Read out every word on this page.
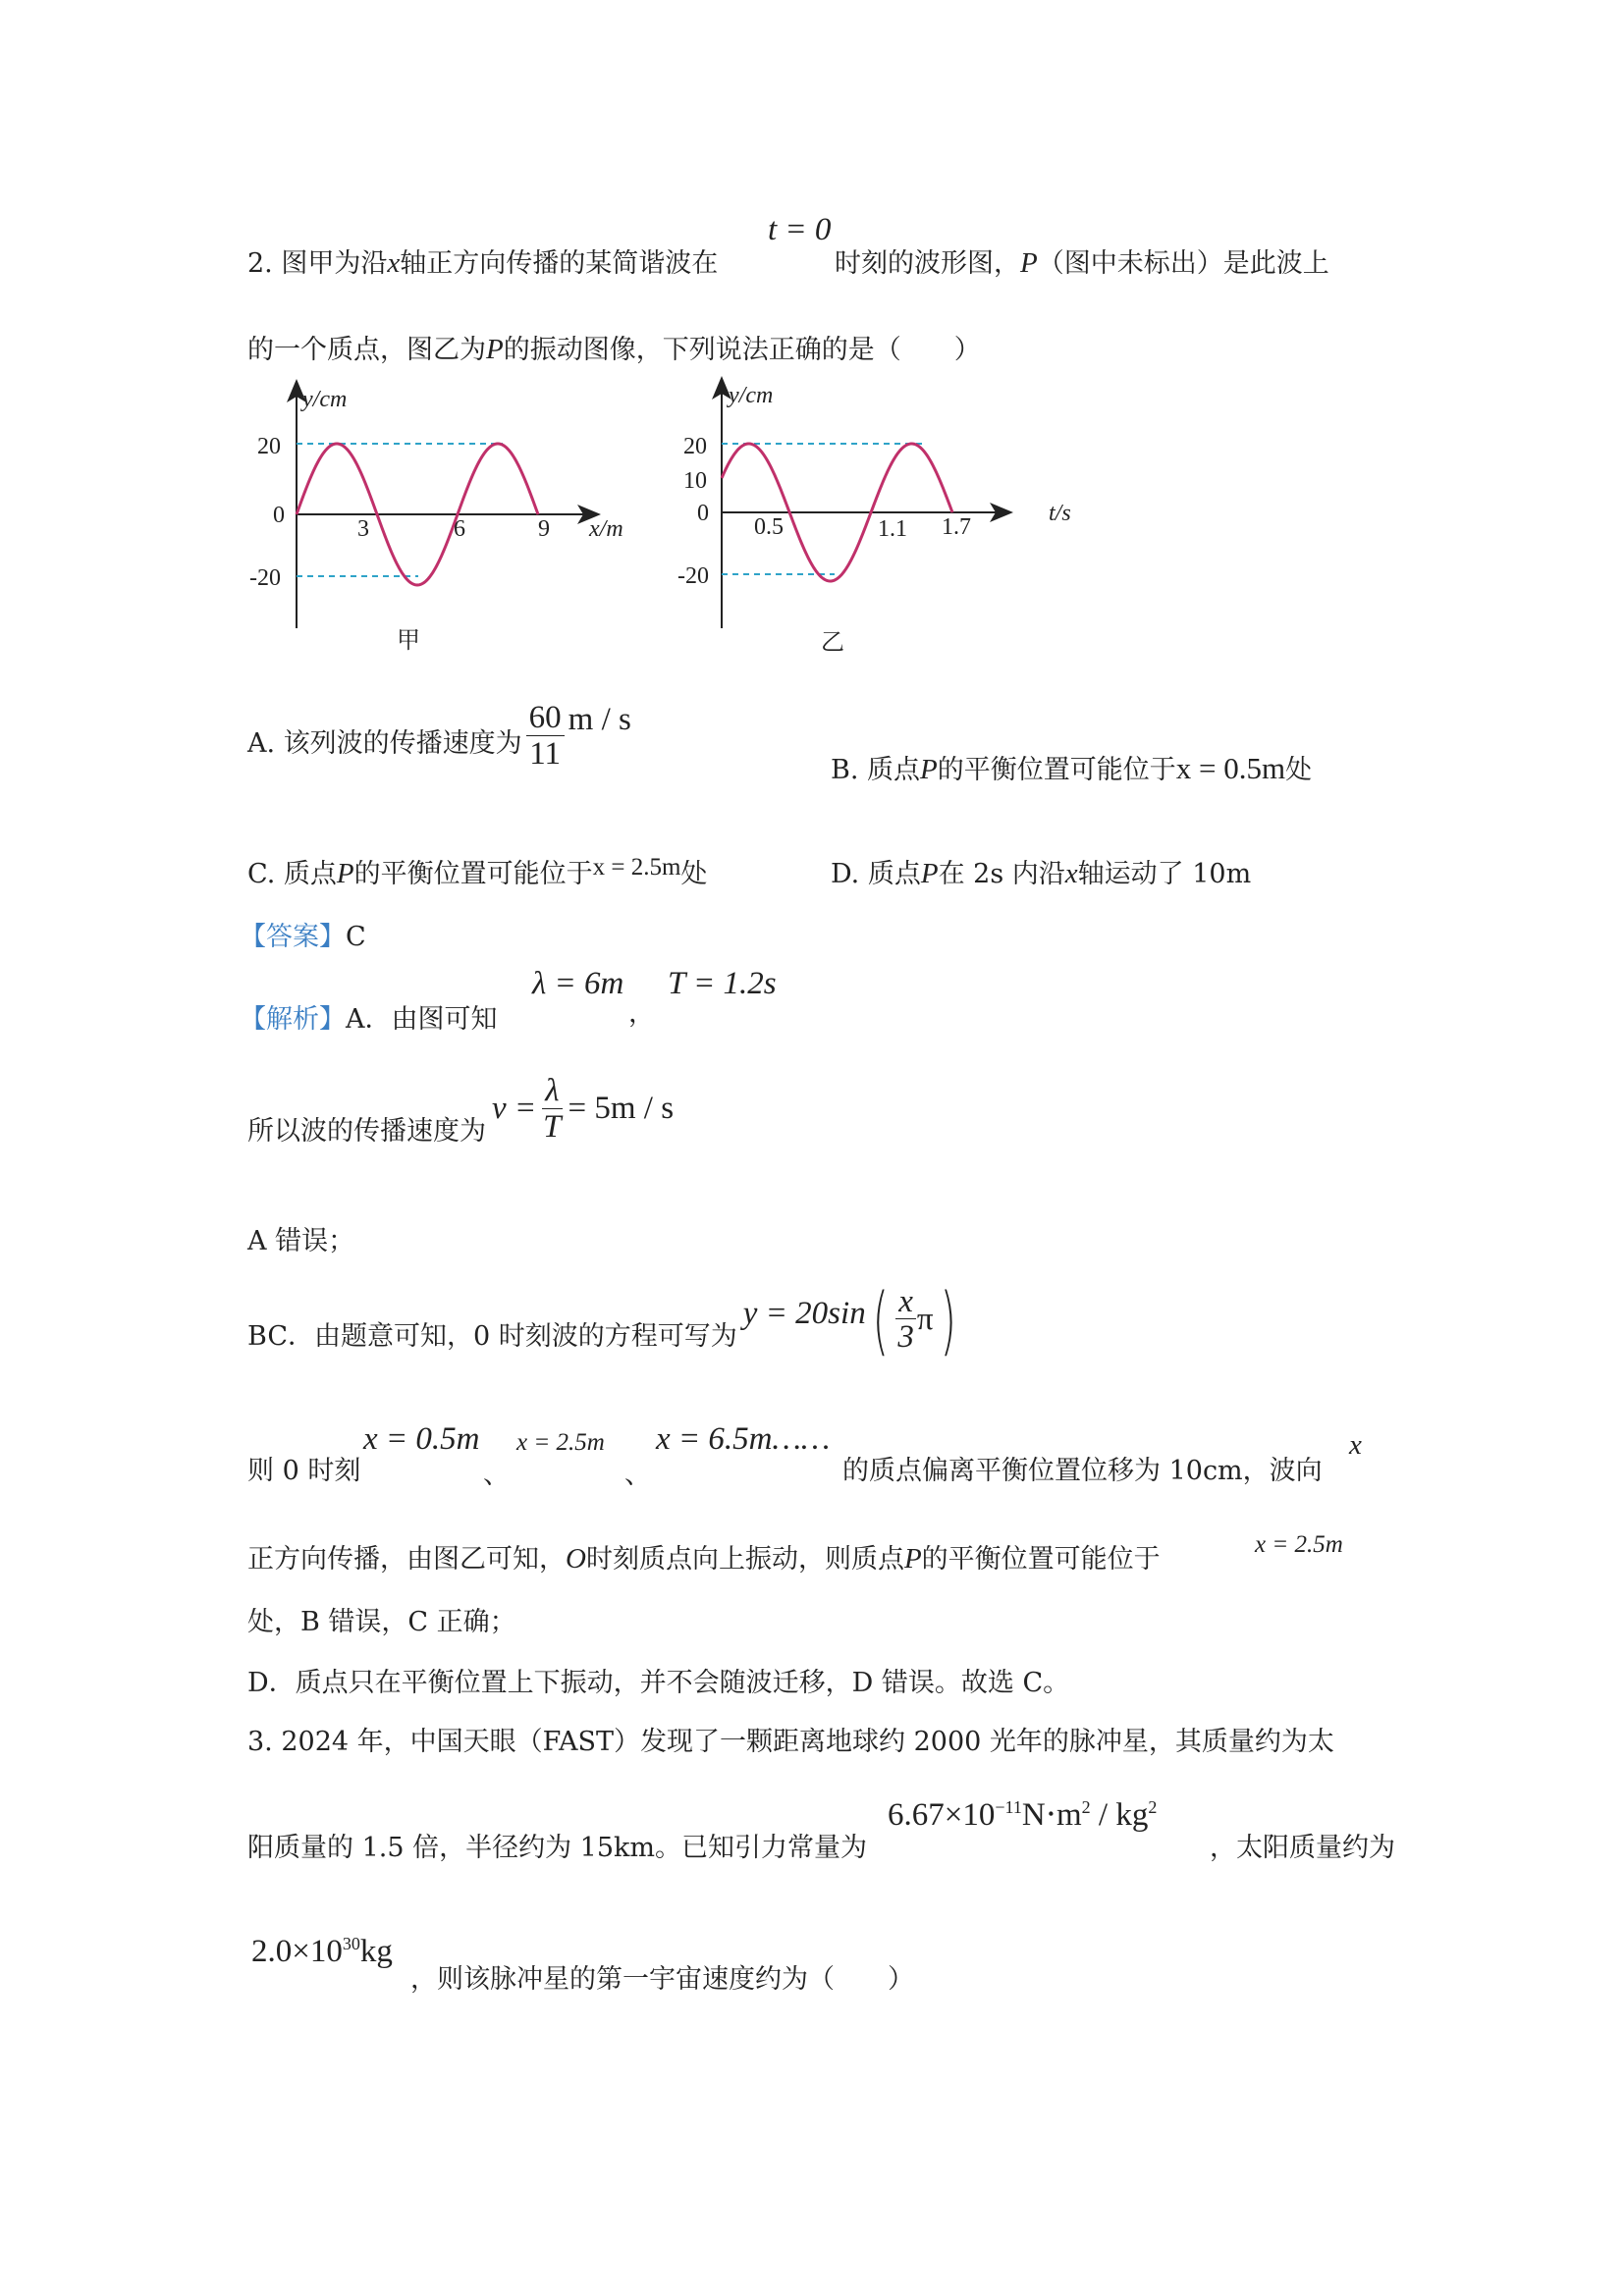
2. 图甲为沿x轴正方向传播的某简谐波在
t = 0
时刻的波形图，P（图中未标出）是此波上
的一个质点，图乙为P的振动图像，下列说法正确的是（　　）
y/cm
20
0
-20
3	6	9 x/m
甲
y/cm
20
10
0
-20
0.5	1.1 1.7
t/s
乙
A. 该列波的传播速度为 $\frac{60}{11}$ m / s
B. 质点P的平衡位置可能位于x = 0.5m处
C. 质点P的平衡位置可能位于x = 2.5m处	D. 质点P在 2s 内沿x轴运动了 10m
【答案】C
【解析】A．由图可知
λ = 6m
，
T = 1.2s
所以波的传播速度为
$v = \frac{\lambda}{T} = 5m / s$
A 错误；
BC．由题意可知，0 时刻波的方程可写为
y = 20sin ( $\frac{x}{3}$ π )
则 0 时刻
x = 0.5m
、
x = 2.5m
、
x = 6.5m……
的质点偏离平衡位置位移为 10cm，波向
x
正方向传播，由图乙可知，O时刻质点向上振动，则质点P的平衡位置可能位于	x = 2.5m
处，B 错误，C 正确；
D．质点只在平衡位置上下振动，并不会随波迁移，D 错误。故选 C。
3. 2024 年，中国天眼（FAST）发现了一颗距离地球约 2000 光年的脉冲星，其质量约为太
阳质量的 1.5 倍，半径约为 15km。已知引力常量为
$6.67\times 10^{-11}N\cdot m^2 / kg^2$
，太阳质量约为
$2.0\times 10^{30}kg$
，则该脉冲星的第一宇宙速度约为（　　）
